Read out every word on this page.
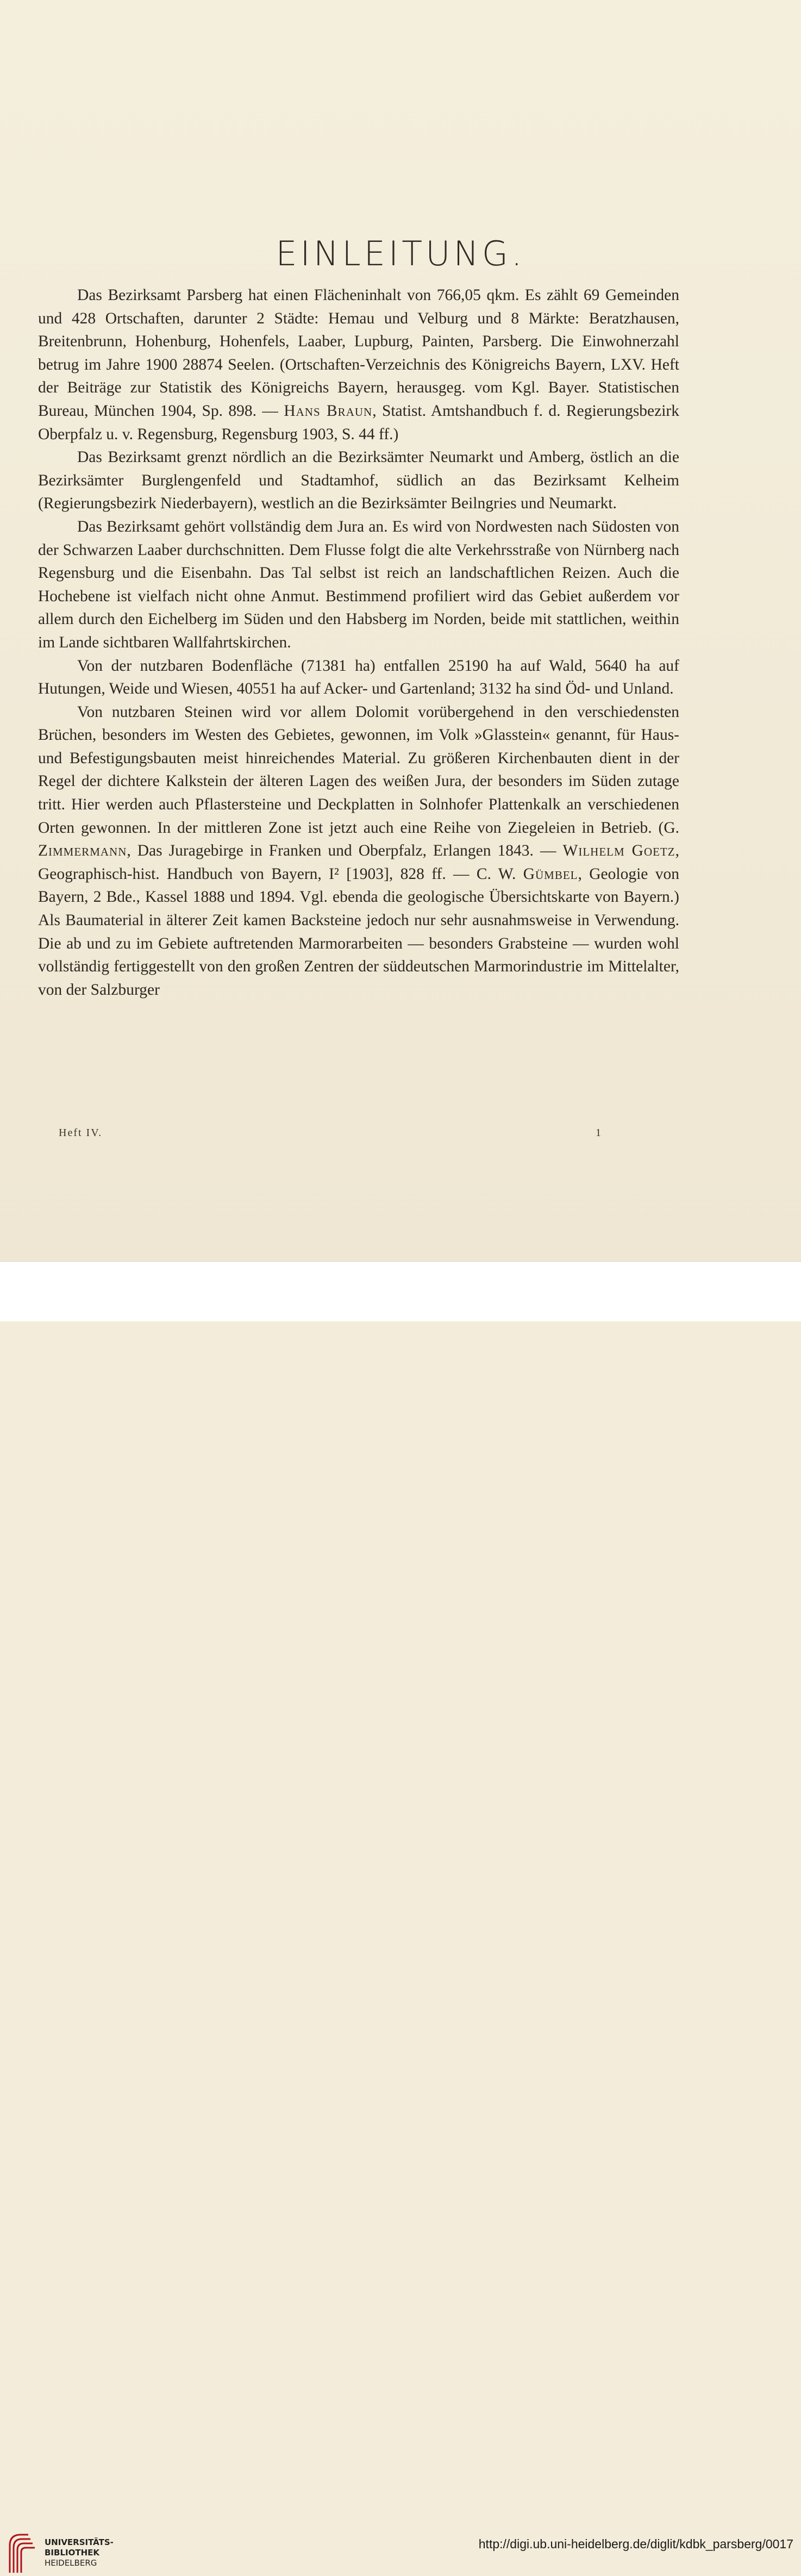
EINLEITUNG.

Das Bezirksamt Parsberg hat einen Flächeninhalt von 766,05 qkm. Es zählt 69 Gemeinden und 428 Ortschaften, darunter 2 Städte: Hemau und Velburg und 8 Märkte: Beratzhausen, Breitenbrunn, Hohenburg, Hohenfels, Laaber, Lupburg, Painten, Parsberg. Die Einwohnerzahl betrug im Jahre 1900 28874 Seelen. (Ortschaften-Verzeichnis des Königreichs Bayern, LXV. Heft der Beiträge zur Statistik des Königreichs Bayern, herausgeg. vom Kgl. Bayer. Statistischen Bureau, München 1904, Sp. 898. — Hans Braun, Statist. Amtshandbuch f. d. Regierungsbezirk Oberpfalz u. v. Regensburg, Regensburg 1903, S. 44 ff.)

Das Bezirksamt grenzt nördlich an die Bezirksämter Neumarkt und Amberg, östlich an die Bezirksämter Burglengenfeld und Stadtamhof, südlich an das Bezirksamt Kelheim (Regierungsbezirk Niederbayern), westlich an die Bezirksämter Beilngries und Neumarkt.

Das Bezirksamt gehört vollständig dem Jura an. Es wird von Nordwesten nach Südosten von der Schwarzen Laaber durchschnitten. Dem Flusse folgt die alte Verkehrsstraße von Nürnberg nach Regensburg und die Eisenbahn. Das Tal selbst ist reich an landschaftlichen Reizen. Auch die Hochebene ist vielfach nicht ohne Anmut. Bestimmend profiliert wird das Gebiet außerdem vor allem durch den Eichelberg im Süden und den Habsberg im Norden, beide mit stattlichen, weithin im Lande sichtbaren Wallfahrtskirchen.

Von der nutzbaren Bodenfläche (71381 ha) entfallen 25190 ha auf Wald, 5640 ha auf Hutungen, Weide und Wiesen, 40551 ha auf Acker- und Gartenland; 3132 ha sind Öd- und Unland.

Von nutzbaren Steinen wird vor allem Dolomit vorübergehend in den verschiedensten Brüchen, besonders im Westen des Gebietes, gewonnen, im Volk »Glasstein« genannt, für Haus- und Befestigungsbauten meist hinreichendes Material. Zu größeren Kirchenbauten dient in der Regel der dichtere Kalkstein der älteren Lagen des weißen Jura, der besonders im Süden zutage tritt. Hier werden auch Pflastersteine und Deckplatten in Solnhofer Plattenkalk an verschiedenen Orten gewonnen. In der mittleren Zone ist jetzt auch eine Reihe von Ziegeleien in Betrieb. (G. Zimmermann, Das Juragebirge in Franken und Oberpfalz, Erlangen 1843. — Wilhelm Goetz, Geographisch-hist. Handbuch von Bayern, I² [1903], 828 ff. — C. W. Gümbel, Geologie von Bayern, 2 Bde., Kassel 1888 und 1894. Vgl. ebenda die geologische Übersichtskarte von Bayern.) Als Baumaterial in älterer Zeit kamen Backsteine jedoch nur sehr ausnahmsweise in Verwendung. Die ab und zu im Gebiete auftretenden Marmorarbeiten — besonders Grabsteine — wurden wohl vollständig fertiggestellt von den großen Zentren der süddeutschen Marmorindustrie im Mittelalter, von der Salzburger

Heft IV.	1
UNIVERSITÄTS-
BIBLIOTHEK
HEIDELBERG
http://digi.ub.uni-heidelberg.de/diglit/kdbk_parsberg/0017
